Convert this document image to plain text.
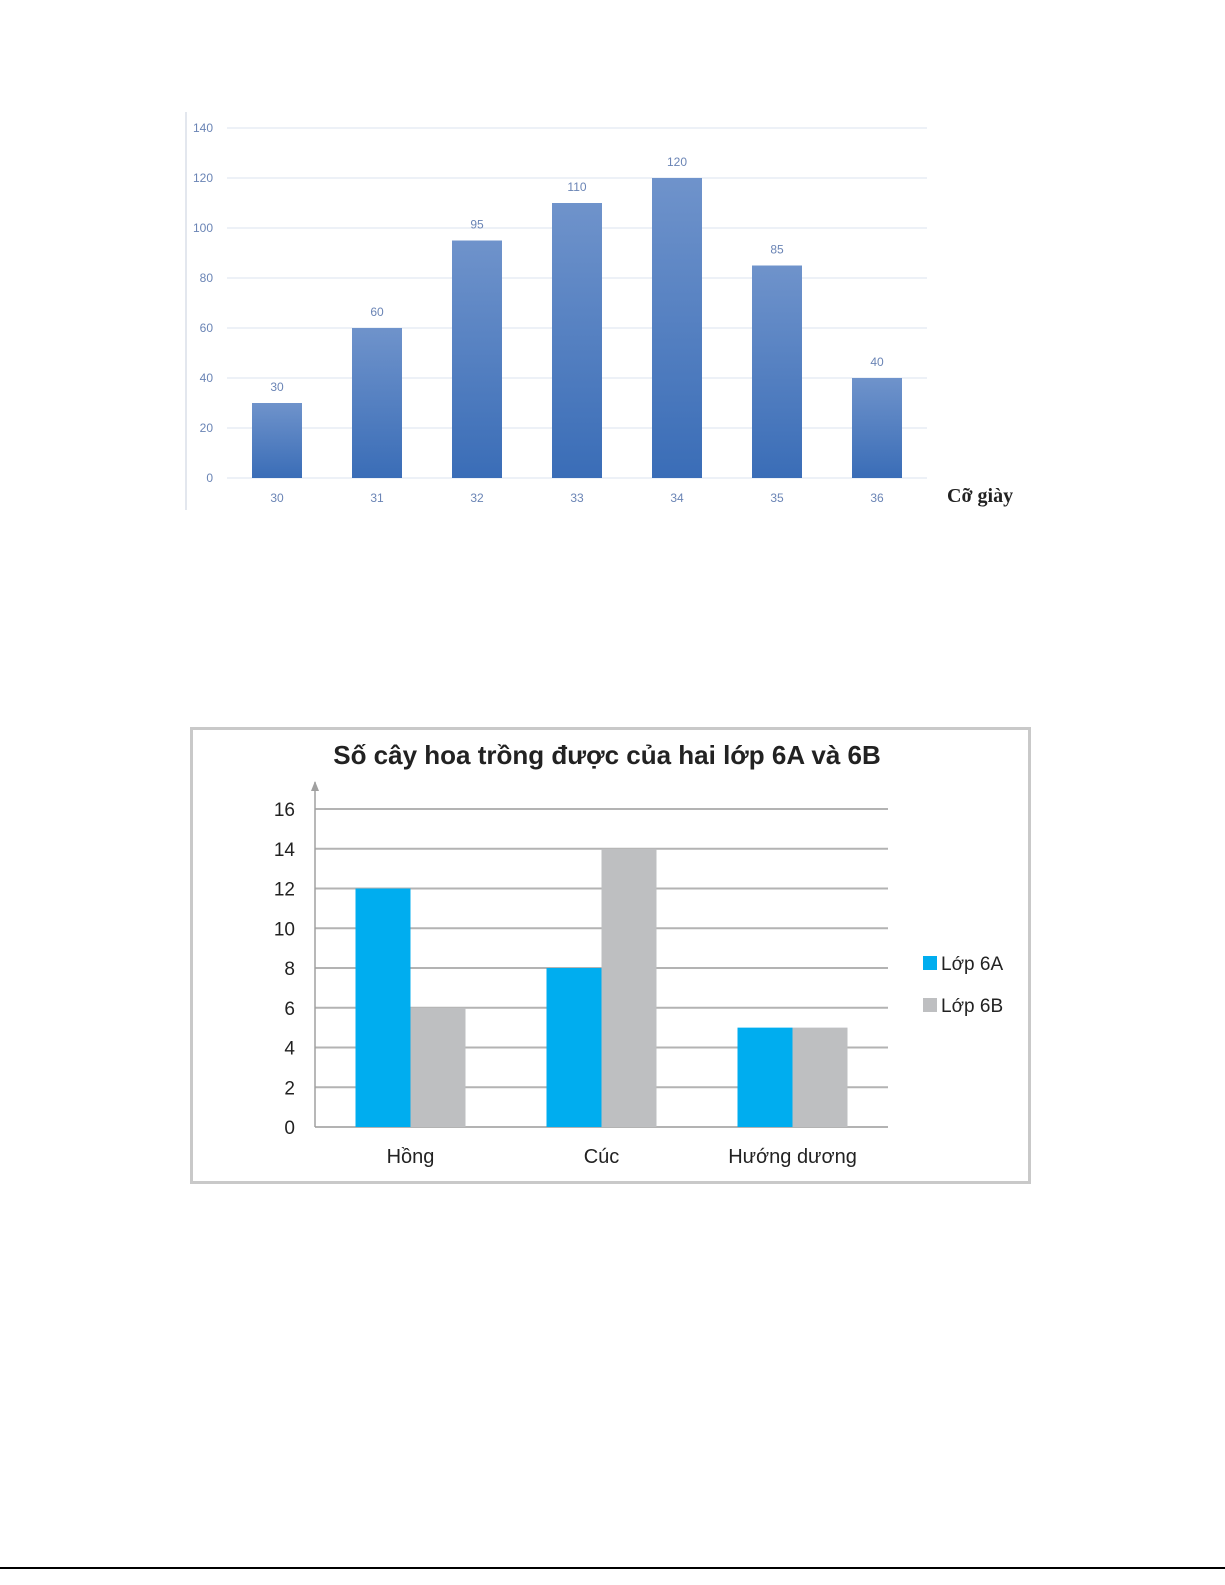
30
60
95
110
120
85
40
0
20
40
60
80
100
120
140
30	31	32	33	34	35	36	Cỡ giày
Số cây hoa trồng được của hai lớp 6A và 6B
0
2
4
6
8
10
12
14
16
Hồng	Cúc	Hướng dương
Lớp 6A
Lớp 6B
